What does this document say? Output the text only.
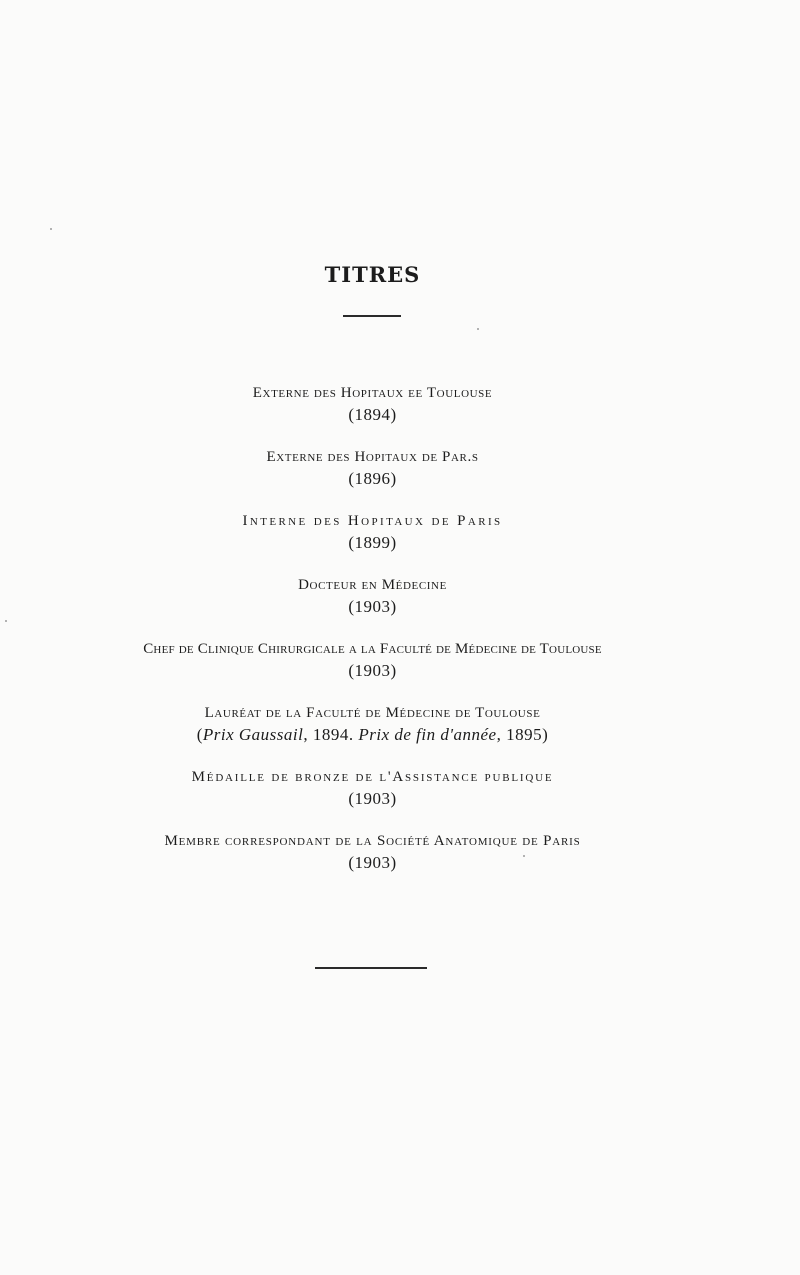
TITRES
Externe des Hopitaux ee Toulouse
(1894)
Externe des Hopitaux de Par.s
(1896)
Interne des Hopitaux de Paris
(1899)
Docteur en Médecine
(1903)
Chef de Clinique Chirurgicale a la Faculté de Médecine de Toulouse
(1903)
Lauréat de la Faculté de Médecine de Toulouse
(Prix Gaussail, 1894. Prix de fin d'année, 1895)
Médaille de bronze de l'Assistance publique
(1903)
Membre correspondant de la Société Anatomique de Paris
(1903)
